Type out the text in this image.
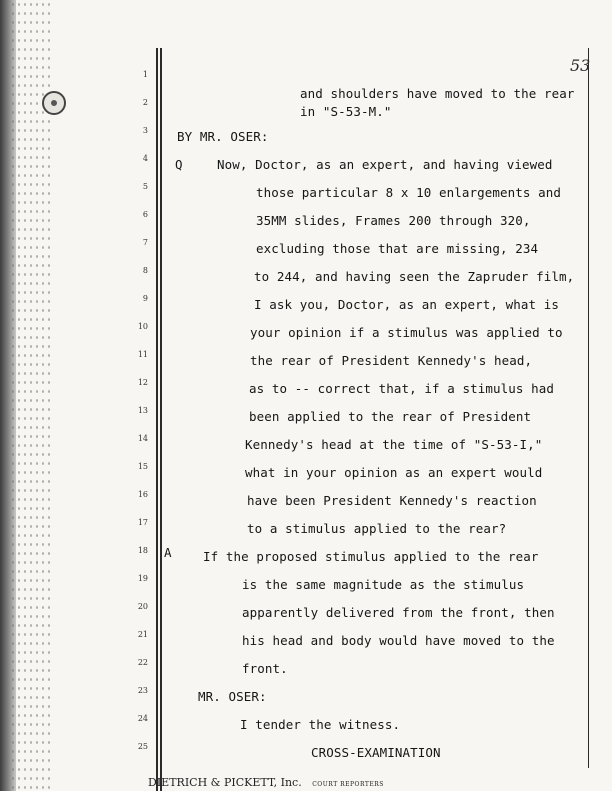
53
1
2
3
4
5
6
7
8
9
10
11
12
13
14
15
16
17
18
19
20
21
22
23
24
25
Q
A
and shoulders have moved to the rear
in "S-53-M."
BY MR. OSER:
Now, Doctor, as an expert, and having viewed
those particular 8 x 10 enlargements and
35MM slides, Frames 200 through 320,
excluding those that are missing, 234
to 244, and having seen the Zapruder film,
I ask you, Doctor, as an expert, what is
your opinion if a stimulus was applied to
the rear of President Kennedy's head,
as to -- correct that, if a stimulus had
been applied to the rear of President
Kennedy's head at the time of "S-53-I,"
what in your opinion as an expert would
have been President Kennedy's reaction
to a stimulus applied to the rear?
If the proposed stimulus applied to the rear
is the same magnitude as the stimulus
apparently delivered from the front, then
his head and body would have moved to the
front.
MR. OSER:
I tender the witness.
CROSS-EXAMINATION
DIETRICH & PICKETT, Inc. COURT REPORTERS
